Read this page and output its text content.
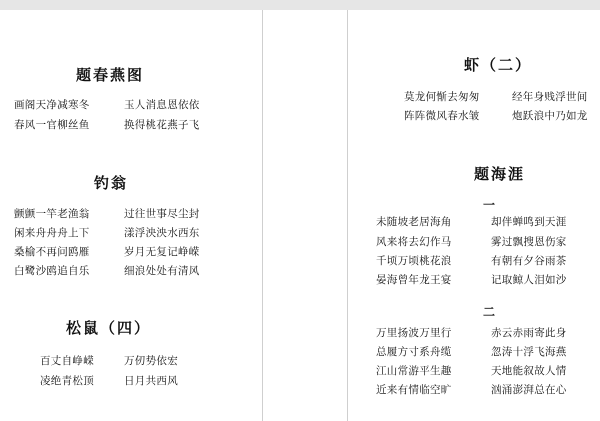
题春燕图

画阁天净减寒冬	玉人消息恩依依

春风一官柳丝鱼	换得桃花燕子飞

钓翁

颤颤一竿老渔翁	过往世事尽尘封

闲来舟舟舟上下	漾浮泱泱水西东

桑榆不再问鸥雁	岁月无复记峥嵘

白鹭沙鸥追自乐	细浪处处有清风

松鼠（四）

百丈自峥嵘	万仞势依宏

凌绝青松顶	日月共西风

虾（二）

莫龙何惭去匆匆	经年身贱浮世间

阵阵微风春水皱	炮跃浪中乃如龙

题海涯

一

未随坡老居海角	却伴蝉鸣到天涯

风来将去幻作马	雾过飘搜恩伤家

千顷万顷桃花浪	有朝有夕谷雨茶

晏海曾年龙王宴	记取鲸人泪如沙

二

万里扬波万里行	赤云赤雨寄此身

总履方寸系舟缆	忽涛十浮飞海燕

江山常游平生趣	天地能叙故人情

近来有情临空旷	汹涌澎湃总在心
